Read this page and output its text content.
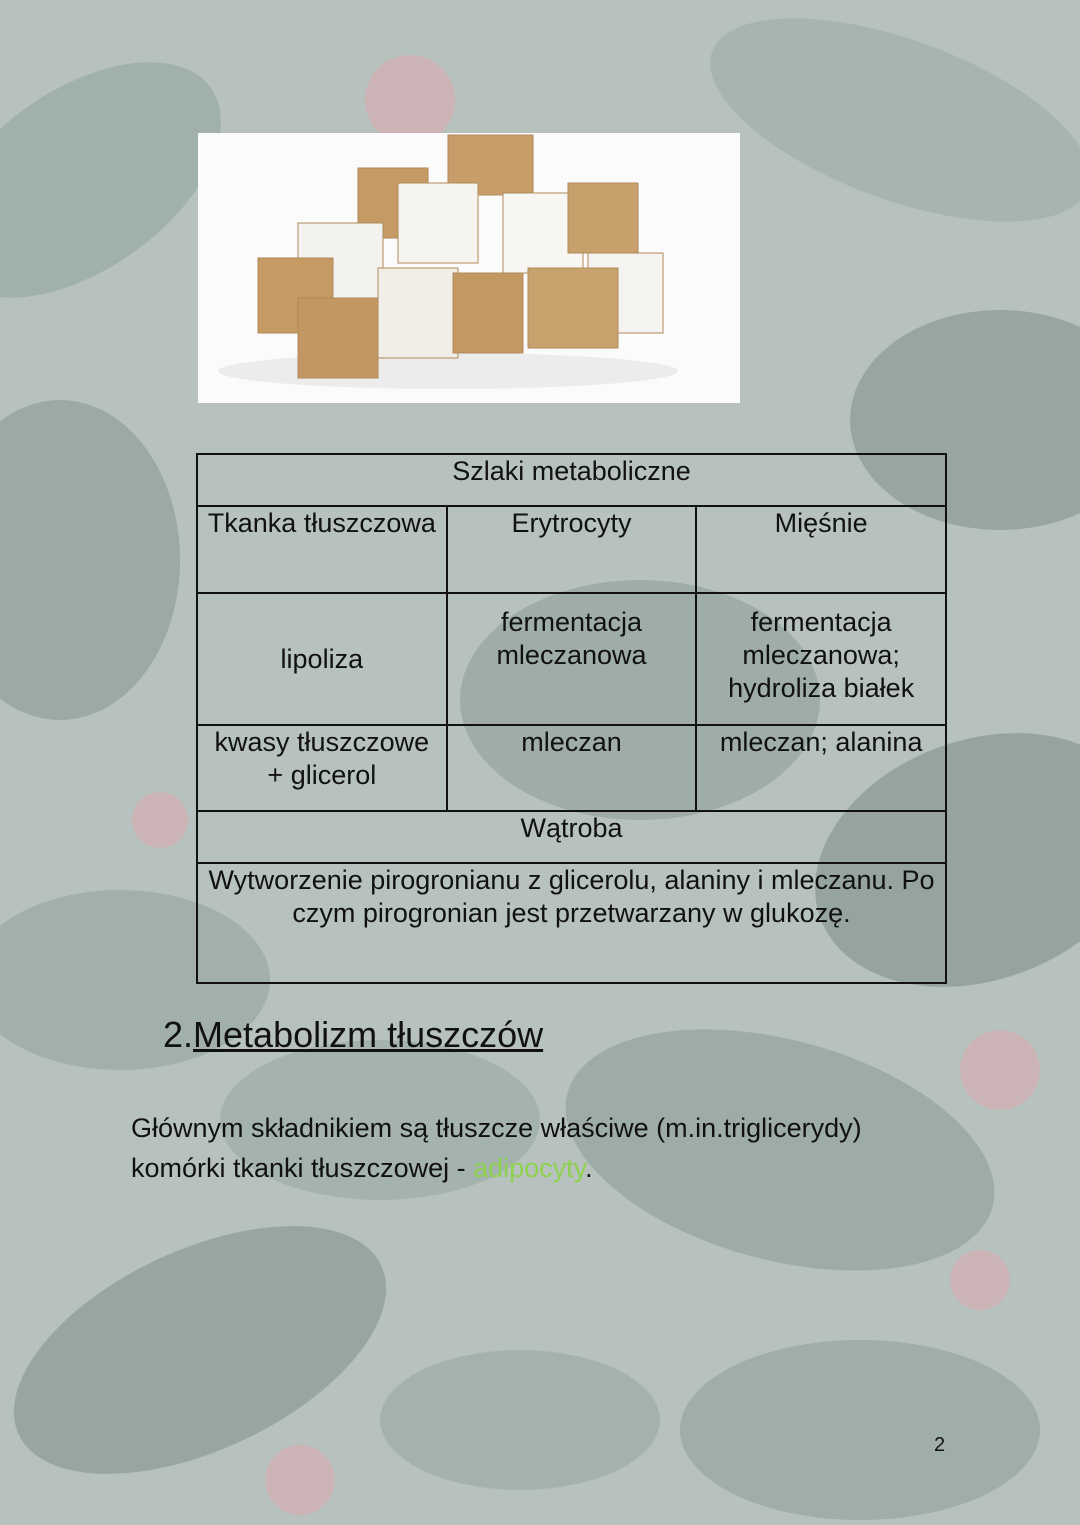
Szlaki metaboliczne		
Tkanka tłuszczowa	Erytrocyty	Mięśnie
lipoliza	fermentacja mleczanowa	fermentacja mleczanowa; hydroliza białek
kwasy tłuszczowe + glicerol	mleczan	mleczan; alanina
Wątroba		
Wytworzenie pirogronianu z glicerolu, alaniny i mleczanu. Po czym pirogronian jest przetwarzany w glukozę.		
2.Metabolizm tłuszczów

Głównym składnikiem są tłuszcze właściwe (m.in.triglicerydy) komórki tkanki tłuszczowej - adipocyty.

2
